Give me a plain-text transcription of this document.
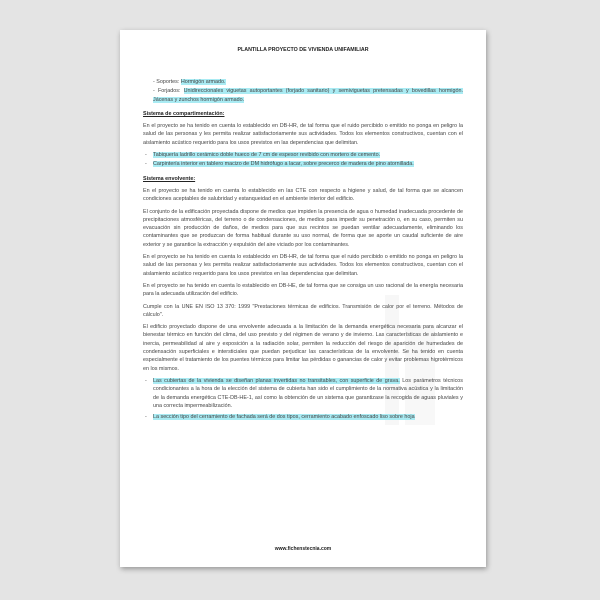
PLANTILLA PROYECTO DE VIVIENDA UNIFAMILIAR

- Soportes: Hormigón armado.

- Forjados: Unidireccionales viguetas autoportantes (forjado sanitario) y semiviguetas pretensadas y bovedillas hormigón. Jácenas y zunchos hormigón armado.

Sistema de compartimentación:

En el proyecto se ha tenido en cuenta lo establecido en DB-HR, de tal forma que el ruido percibido o emitido no ponga en peligro la salud de las personas y les permita realizar satisfactoriamente sus actividades. Todos los elementos constructivos, cuentan con el aislamiento acústico requerido para los usos previstos en las dependencias que delimitan.

- Tabiquería ladrillo cerámico doble hueco de 7 cm de espesor revibido con mortero de cemento.
- Carpintería interior en tablero macizo de DM hidrófugo a lacar, sobre precerco de madera de pino atornillada.
Sistema envolvente:

En el proyecto se ha tenido en cuenta lo establecido en las CTE con respecto a higiene y salud, de tal forma que se alcancen condiciones aceptables de salubridad y estanqueidad en el ambiente interior del edificio.

El conjunto de la edificación proyectada dispone de medios que impiden la presencia de agua o humedad inadecuada procedente de precipitaciones atmosféricas, del terreno o de condensaciones, de medios para impedir su penetración o, en su caso, permiten su evacuación sin producción de daños, de medios para que sus recintos se puedan ventilar adecuadamente, eliminando los contaminantes que se produzcan de forma habitual durante su uso normal, de forma que se aporte un caudal suficiente de aire exterior y se garantice la extracción y expulsión del aire viciado por los contaminantes.

En el proyecto se ha tenido en cuenta lo establecido en DB-HR, de tal forma que el ruido percibido o emitido no ponga en peligro la salud de las personas y les permita realizar satisfactoriamente sus actividades. Todos los elementos constructivos, cuentan con el aislamiento acústico requerido para los usos previstos en las dependencias que delimitan.

En el proyecto se ha tenido en cuenta lo establecido en DB-HE, de tal forma que se consiga un uso racional de la energía necesaria para la adecuada utilización del edificio.

Cumple con la UNE EN ISO 13 370: 1999 "Prestaciones térmicas de edificios. Transmisión de calor por el terreno. Métodos de cálculo".

El edificio proyectado dispone de una envolvente adecuada a la limitación de la demanda energética necesaria para alcanzar el bienestar térmico en función del clima, del uso previsto y del régimen de verano y de invierno. Las características de aislamiento e inercia, permeabilidad al aire y exposición a la radiación solar, permiten la reducción del riesgo de aparición de humedades de condensación superficiales e intersticiales que puedan perjudicar las características de la envolvente. Se ha tenido en cuenta especialmente el tratamiento de los puentes térmicos para limitar las pérdidas o ganancias de calor y evitar problemas higrotérmicos en los mismos.

- Las cubiertas de la vivienda se diseñan planas invertidas no transitables, con superficie de grava. Los parámetros técnicos condicionantes a la hora de la elección del sistema de cubierta han sido el cumplimiento de la normativa acústica y la limitación de la demanda energética CTE-DB-HE-1, así como la obtención de un sistema que garantizase la recogida de aguas pluviales y una correcta impermeabilización.
- La sección tipo del cerramiento de fachada será de dos tipos, cerramiento acabado enfoscado liso sobre hoja
www.fichenstecnia.com
